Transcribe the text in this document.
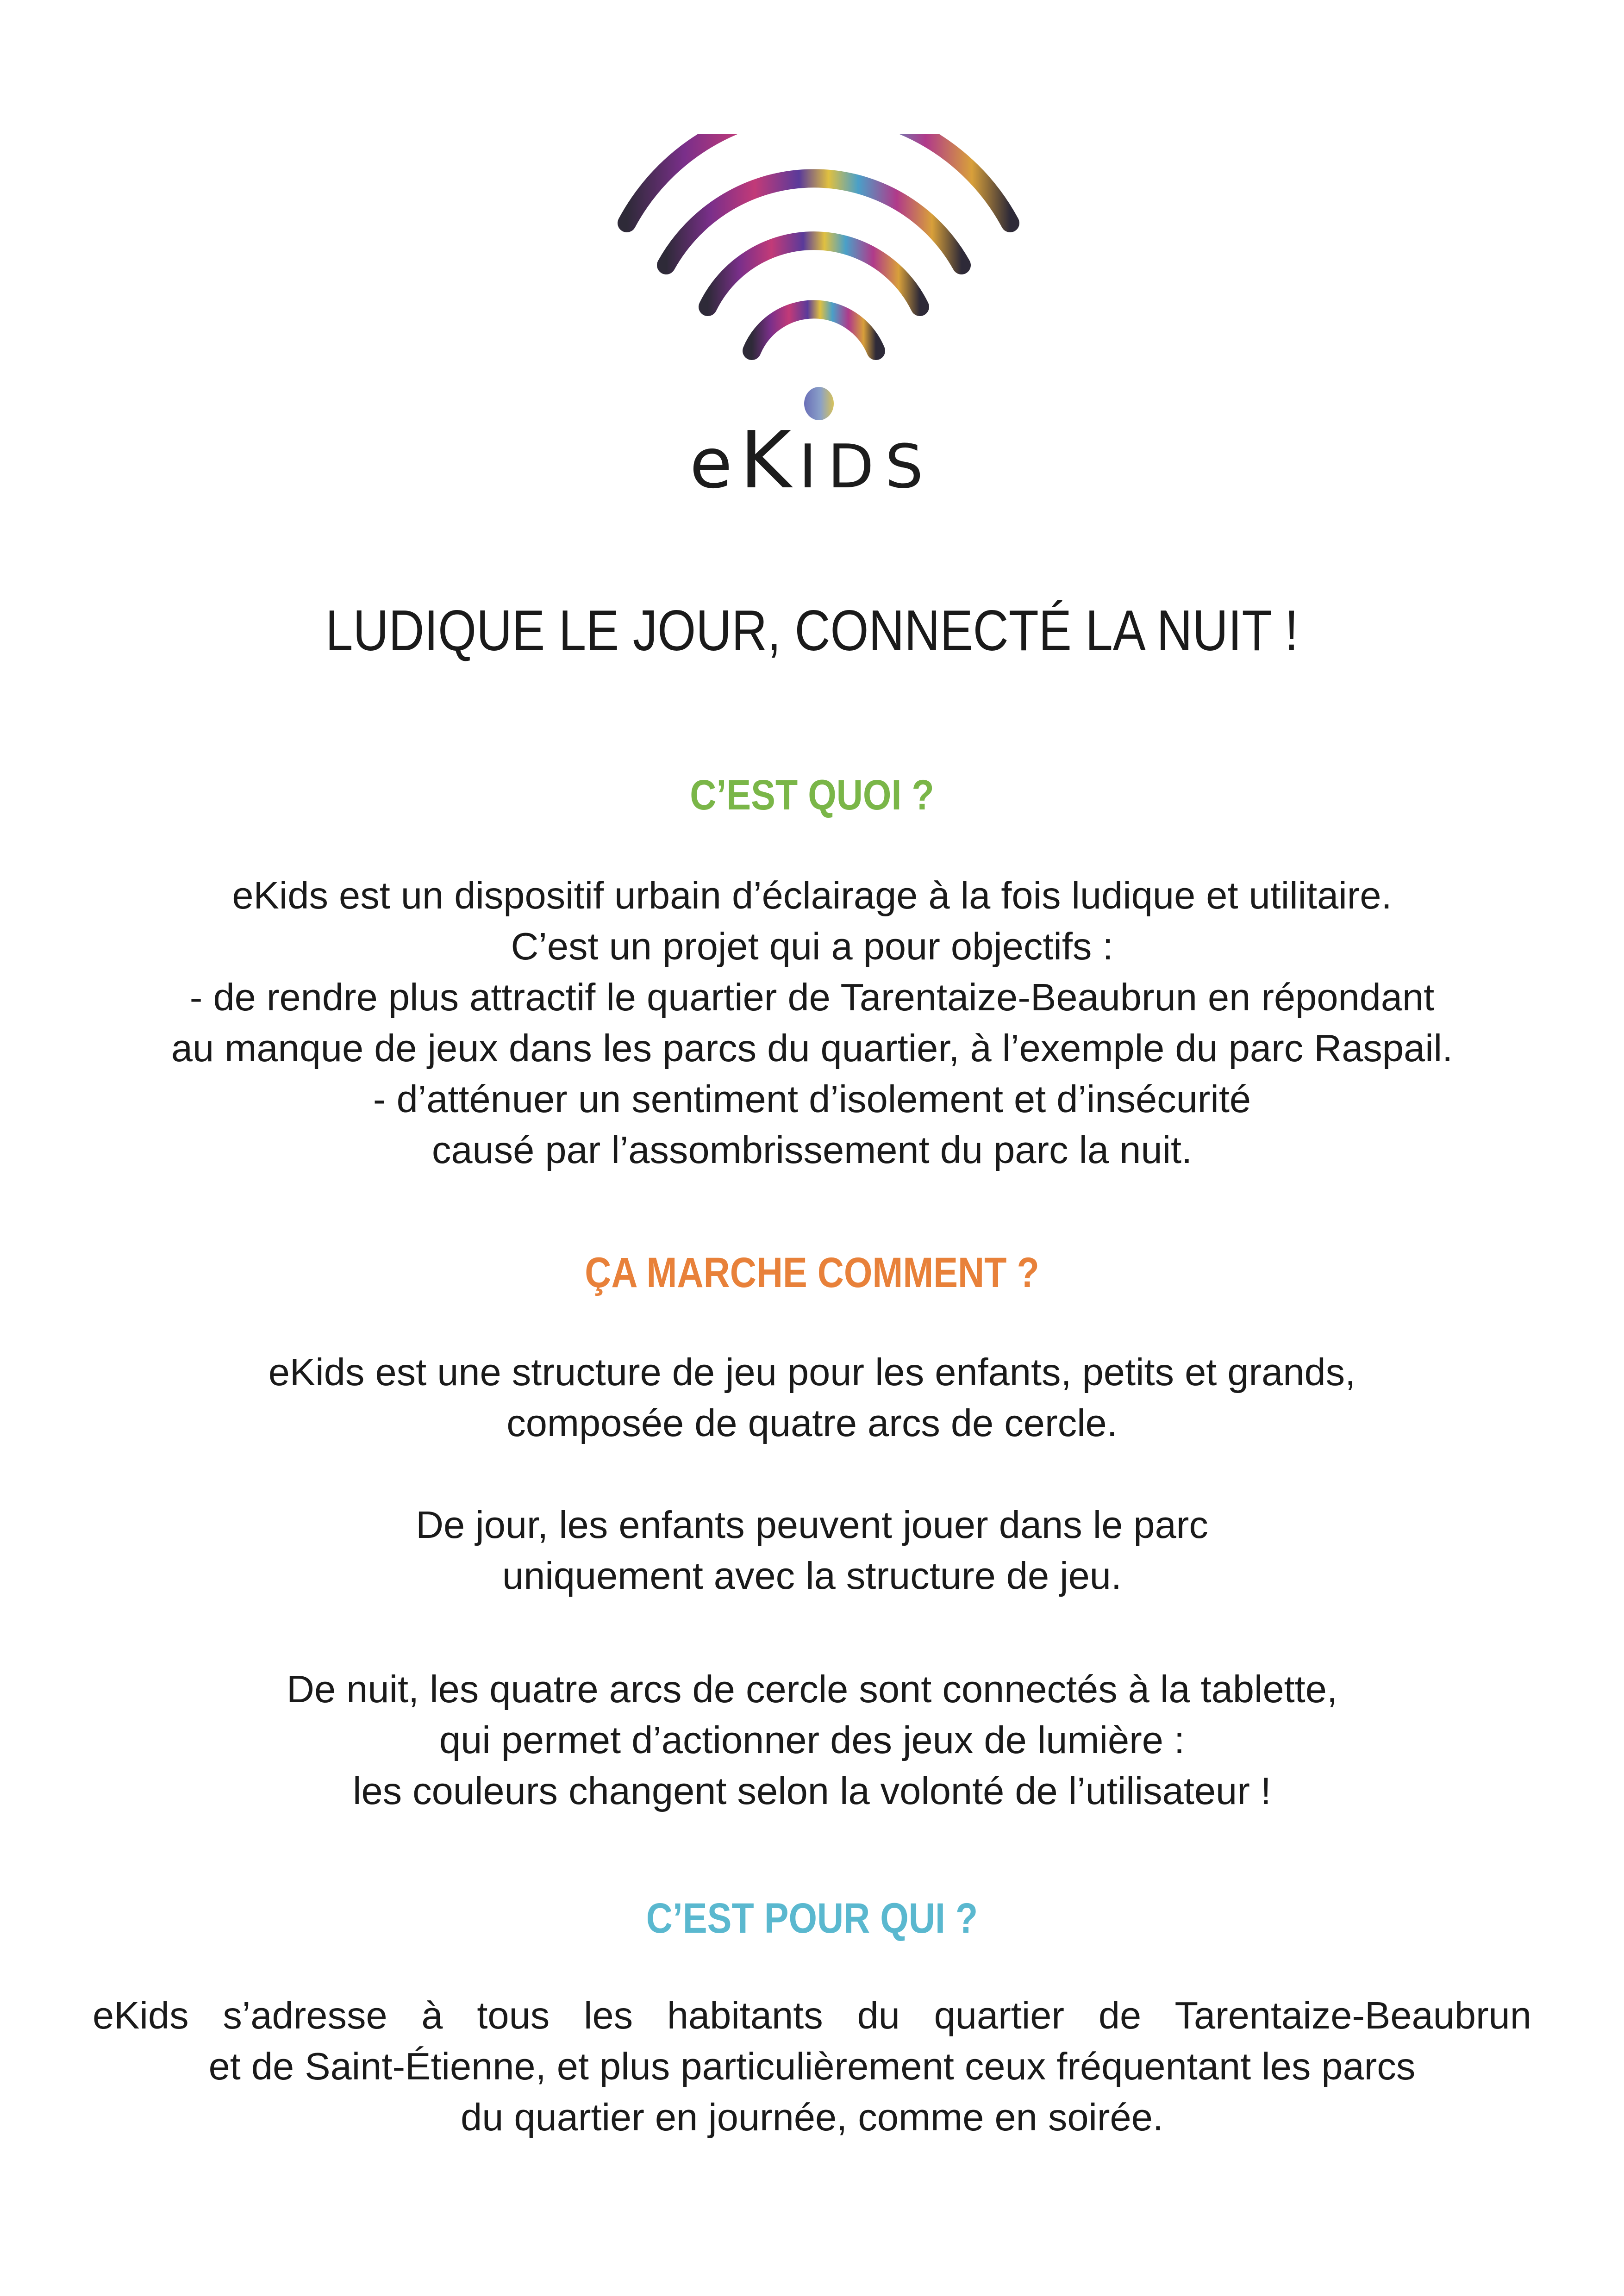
eKIDS
LUDIQUE LE JOUR, CONNECTÉ LA NUIT !
C’EST QUOI ?
eKids est un dispositif urbain d’éclairage à la fois ludique et utilitaire.
C’est un projet qui a pour objectifs :
- de rendre plus attractif le quartier de Tarentaize-Beaubrun en répondant
au manque de jeux dans les parcs du quartier, à l’exemple du parc Raspail.
- d’atténuer un sentiment d’isolement et d’insécurité
causé par l’assombrissement du parc la nuit.
ÇA MARCHE COMMENT ?
eKids est une structure de jeu pour les enfants, petits et grands,
composée de quatre arcs de cercle.
De jour, les enfants peuvent jouer dans le parc
uniquement avec la structure de jeu.
De nuit, les quatre arcs de cercle sont connectés à la tablette,
qui permet d’actionner des jeux de lumière :
les couleurs changent selon la volonté de l’utilisateur !
C’EST POUR QUI ?
eKids s’adresse à tous les habitants du quartier de Tarentaize-Beaubrun
et de Saint-Étienne, et plus particulièrement ceux fréquentant les parcs
du quartier en journée, comme en soirée.
